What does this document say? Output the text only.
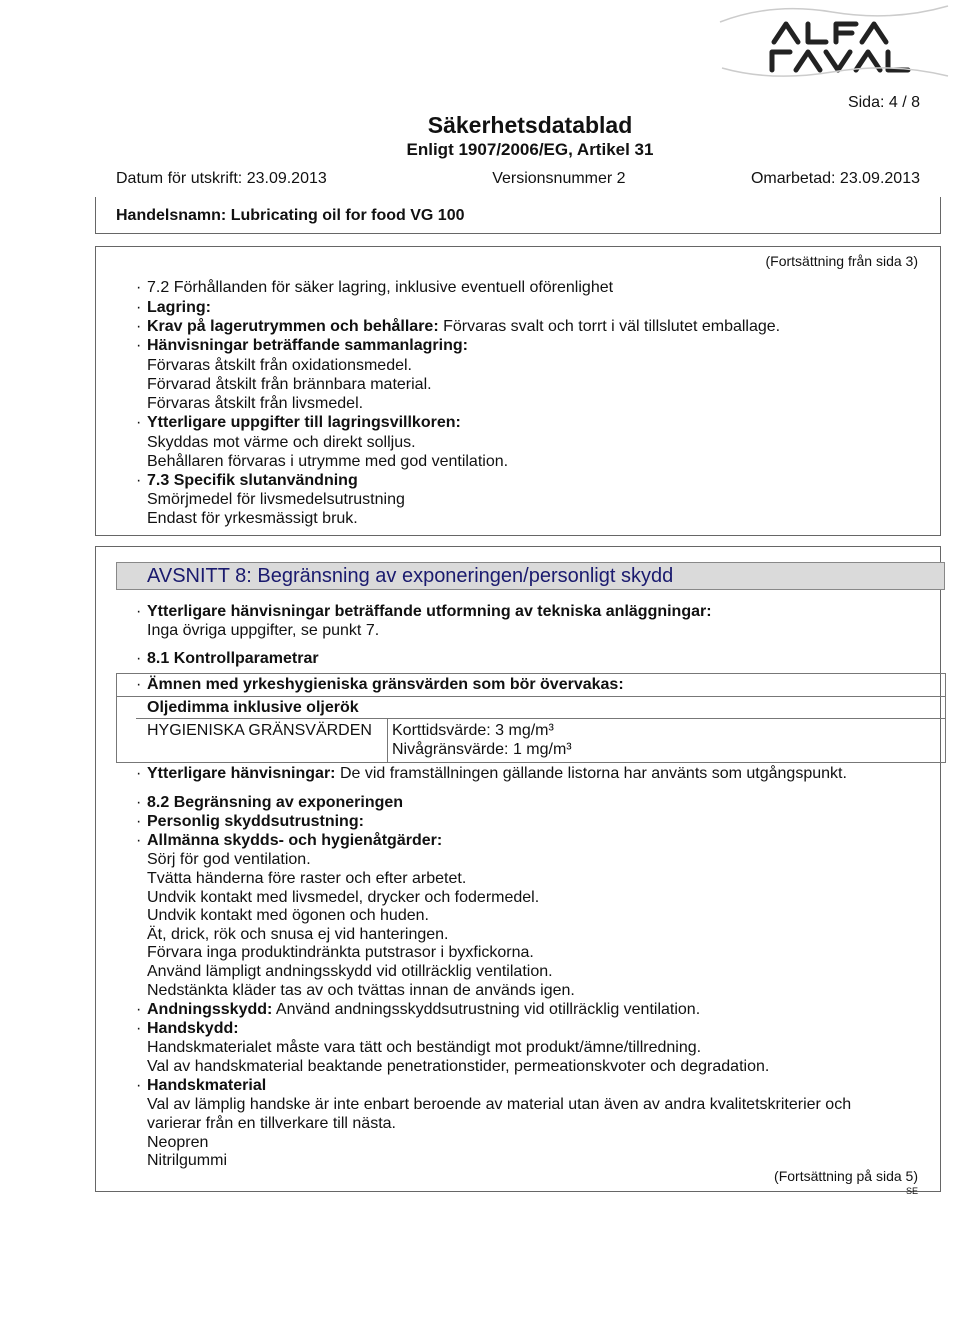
Sida: 4 / 8
Säkerhetsdatablad
Enligt 1907/2006/EG, Artikel 31
Datum för utskrift: 23.09.2013	Versionsnummer 2	Omarbetad: 23.09.2013
Handelsnamn: Lubricating oil for food VG 100
(Fortsättning från sida 3)
· 7.2 Förhållanden för säker lagring, inklusive eventuell oförenlighet
· Lagring:
· Krav på lagerutrymmen och behållare: Förvaras svalt och torrt i väl tillslutet emballage.
· Hänvisningar beträffande sammanlagring:
Förvaras åtskilt från oxidationsmedel.
Förvarad åtskilt från brännbara material.
Förvaras åtskilt från livsmedel.
· Ytterligare uppgifter till lagringsvillkoren:
Skyddas mot värme och direkt solljus.
Behållaren förvaras i utrymme med god ventilation.
· 7.3 Specifik slutanvändning
Smörjmedel för livsmedelsutrustning
Endast för yrkesmässigt bruk.
AVSNITT 8: Begränsning av exponeringen/personligt skydd
· Ytterligare hänvisningar beträffande utformning av tekniska anläggningar:
Inga övriga uppgifter, se punkt 7.
· 8.1 Kontrollparametrar
· Ämnen med yrkeshygieniska gränsvärden som bör övervakas:
Oljedimma inklusive oljerök
HYGIENISKA GRÄNSVÄRDEN Korttidsvärde: 3 mg/m³
Nivågränsvärde: 1 mg/m³
· Ytterligare hänvisningar: De vid framställningen gällande listorna har använts som utgångspunkt.
· 8.2 Begränsning av exponeringen
· Personlig skyddsutrustning:
· Allmänna skydds- och hygienåtgärder:
Sörj för god ventilation.
Tvätta händerna före raster och efter arbetet.
Undvik kontakt med livsmedel, drycker och fodermedel.
Undvik kontakt med ögonen och huden.
Ät, drick, rök och snusa ej vid hanteringen.
Förvara inga produktindränkta putstrasor i byxfickorna.
Använd lämpligt andningsskydd vid otillräcklig ventilation.
Nedstänkta kläder tas av och tvättas innan de används igen.
· Andningsskydd: Använd andningsskyddsutrustning vid otillräcklig ventilation.
· Handskydd:
Handskmaterialet måste vara tätt och beständigt mot produkt/ämne/tillredning.
Val av handskmaterial beaktande penetrationstider, permeationskvoter och degradation.
· Handskmaterial
Val av lämplig handske är inte enbart beroende av material utan även av andra kvalitetskriterier och
varierar från en tillverkare till nästa.
Neopren
Nitrilgummi
(Fortsättning på sida 5)
SE
